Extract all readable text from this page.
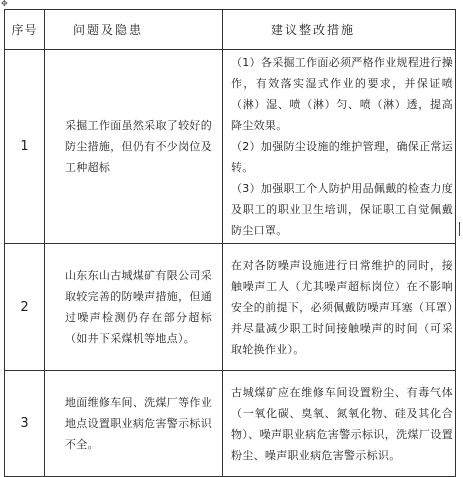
✥
序号	问题及隐患	建议整改措施
1	采掘工作面虽然采取了较好的防尘措施，但仍有不少岗位及工种超标	（1）各采掘工作面必须严格作业规程进行操作，有效落实湿式作业的要求，并保证喷（淋）湿、喷（淋）匀、喷（淋）透，提高降尘效果。

（2）加强防尘设施的维护管理，确保正常运转。

（3）加强职工个人防护用品佩戴的检查力度及职工的职业卫生培训，保证职工自觉佩戴防尘口罩。

2	山东东山古城煤矿有限公司采取较完善的防噪声措施，但通过噪声检测仍存在部分超标（如井下采煤机等地点）。	在对各防噪声设施进行日常维护的同时，接触噪声工人（尤其噪声超标岗位）在不影响安全的前提下，必须佩戴防噪声耳塞（耳罩）并尽量减少职工时间接触噪声的时间（可采取轮换作业）。

3	地面维修车间、洗煤厂等作业地点设置职业病危害警示标识不全。	古城煤矿应在维修车间设置粉尘、有毒气体（一氧化碳、臭氧、氮氧化物、硅及其化合物）、噪声职业病危害警示标识，洗煤厂设置粉尘、噪声职业病危害警示标识。
